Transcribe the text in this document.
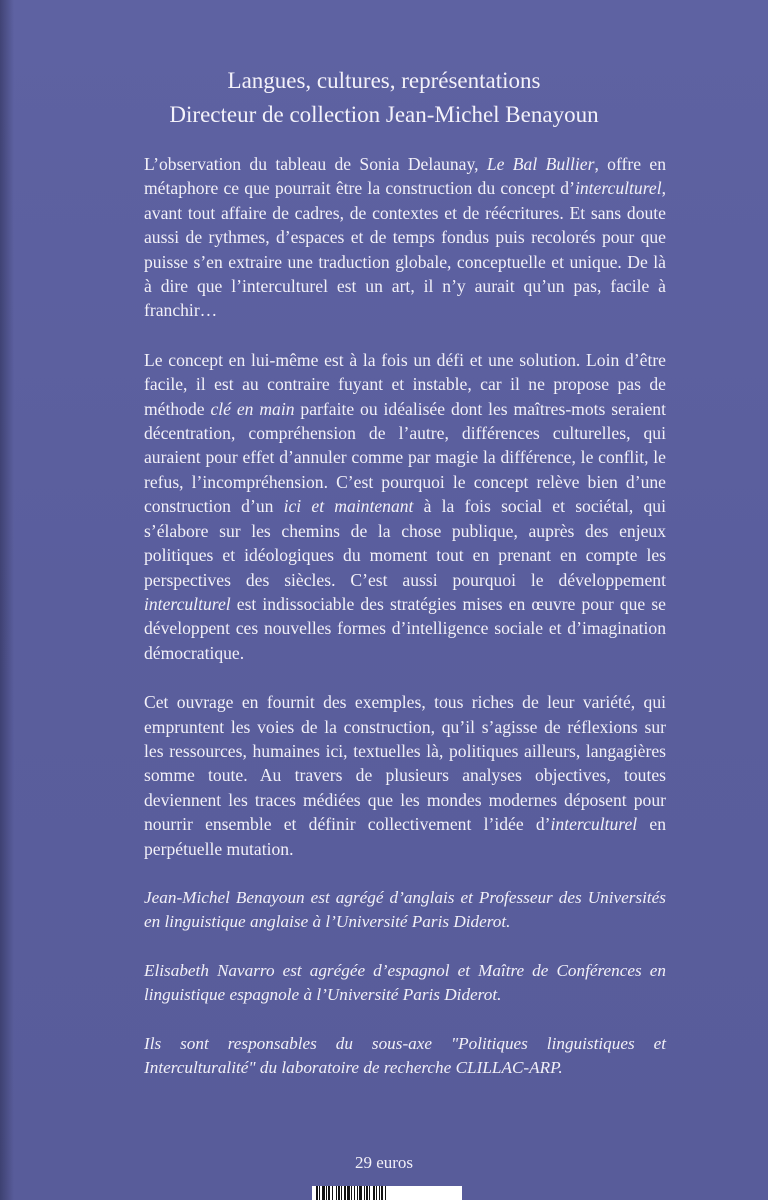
Langues, cultures, représentations
Directeur de collection Jean-Michel Benayoun

L’observation du tableau de Sonia Delaunay, Le Bal Bullier, offre en métaphore ce que pourrait être la construction du concept d’interculturel, avant tout affaire de cadres, de contextes et de réécritures. Et sans doute aussi de rythmes, d’espaces et de temps fondus puis recolorés pour que puisse s’en extraire une traduction globale, conceptuelle et unique. De là à dire que l’interculturel est un art, il n’y aurait qu’un pas, facile à franchir…

Le concept en lui-même est à la fois un défi et une solution. Loin d’être facile, il est au contraire fuyant et instable, car il ne propose pas de méthode clé en main parfaite ou idéalisée dont les maîtres-mots seraient décentration, compréhension de l’autre, différences culturelles, qui auraient pour effet d’annuler comme par magie la différence, le conflit, le refus, l’incompréhension. C’est pourquoi le concept relève bien d’une construction d’un ici et maintenant à la fois social et sociétal, qui s’élabore sur les chemins de la chose publique, auprès des enjeux politiques et idéologiques du moment tout en prenant en compte les perspectives des siècles. C’est aussi pourquoi le développement interculturel est indissociable des stratégies mises en œuvre pour que se développent ces nouvelles formes d’intelligence sociale et d’imagination démocratique.

Cet ouvrage en fournit des exemples, tous riches de leur variété, qui empruntent les voies de la construction, qu’il s’agisse de réflexions sur les ressources, humaines ici, textuelles là, politiques ailleurs, langagières somme toute. Au travers de plusieurs analyses objectives, toutes deviennent les traces médiées que les mondes modernes déposent pour nourrir ensemble et définir collectivement l’idée d’interculturel en perpétuelle mutation.

Jean-Michel Benayoun est agrégé d’anglais et Professeur des Universités en linguistique anglaise à l’Université Paris Diderot.

Elisabeth Navarro est agrégée d’espagnol et Maître de Conférences en linguistique espagnole à l’Université Paris Diderot.

Ils sont responsables du sous-axe "Politiques linguistiques et Interculturalité" du laboratoire de recherche CLILLAC-ARP.

29 euros
